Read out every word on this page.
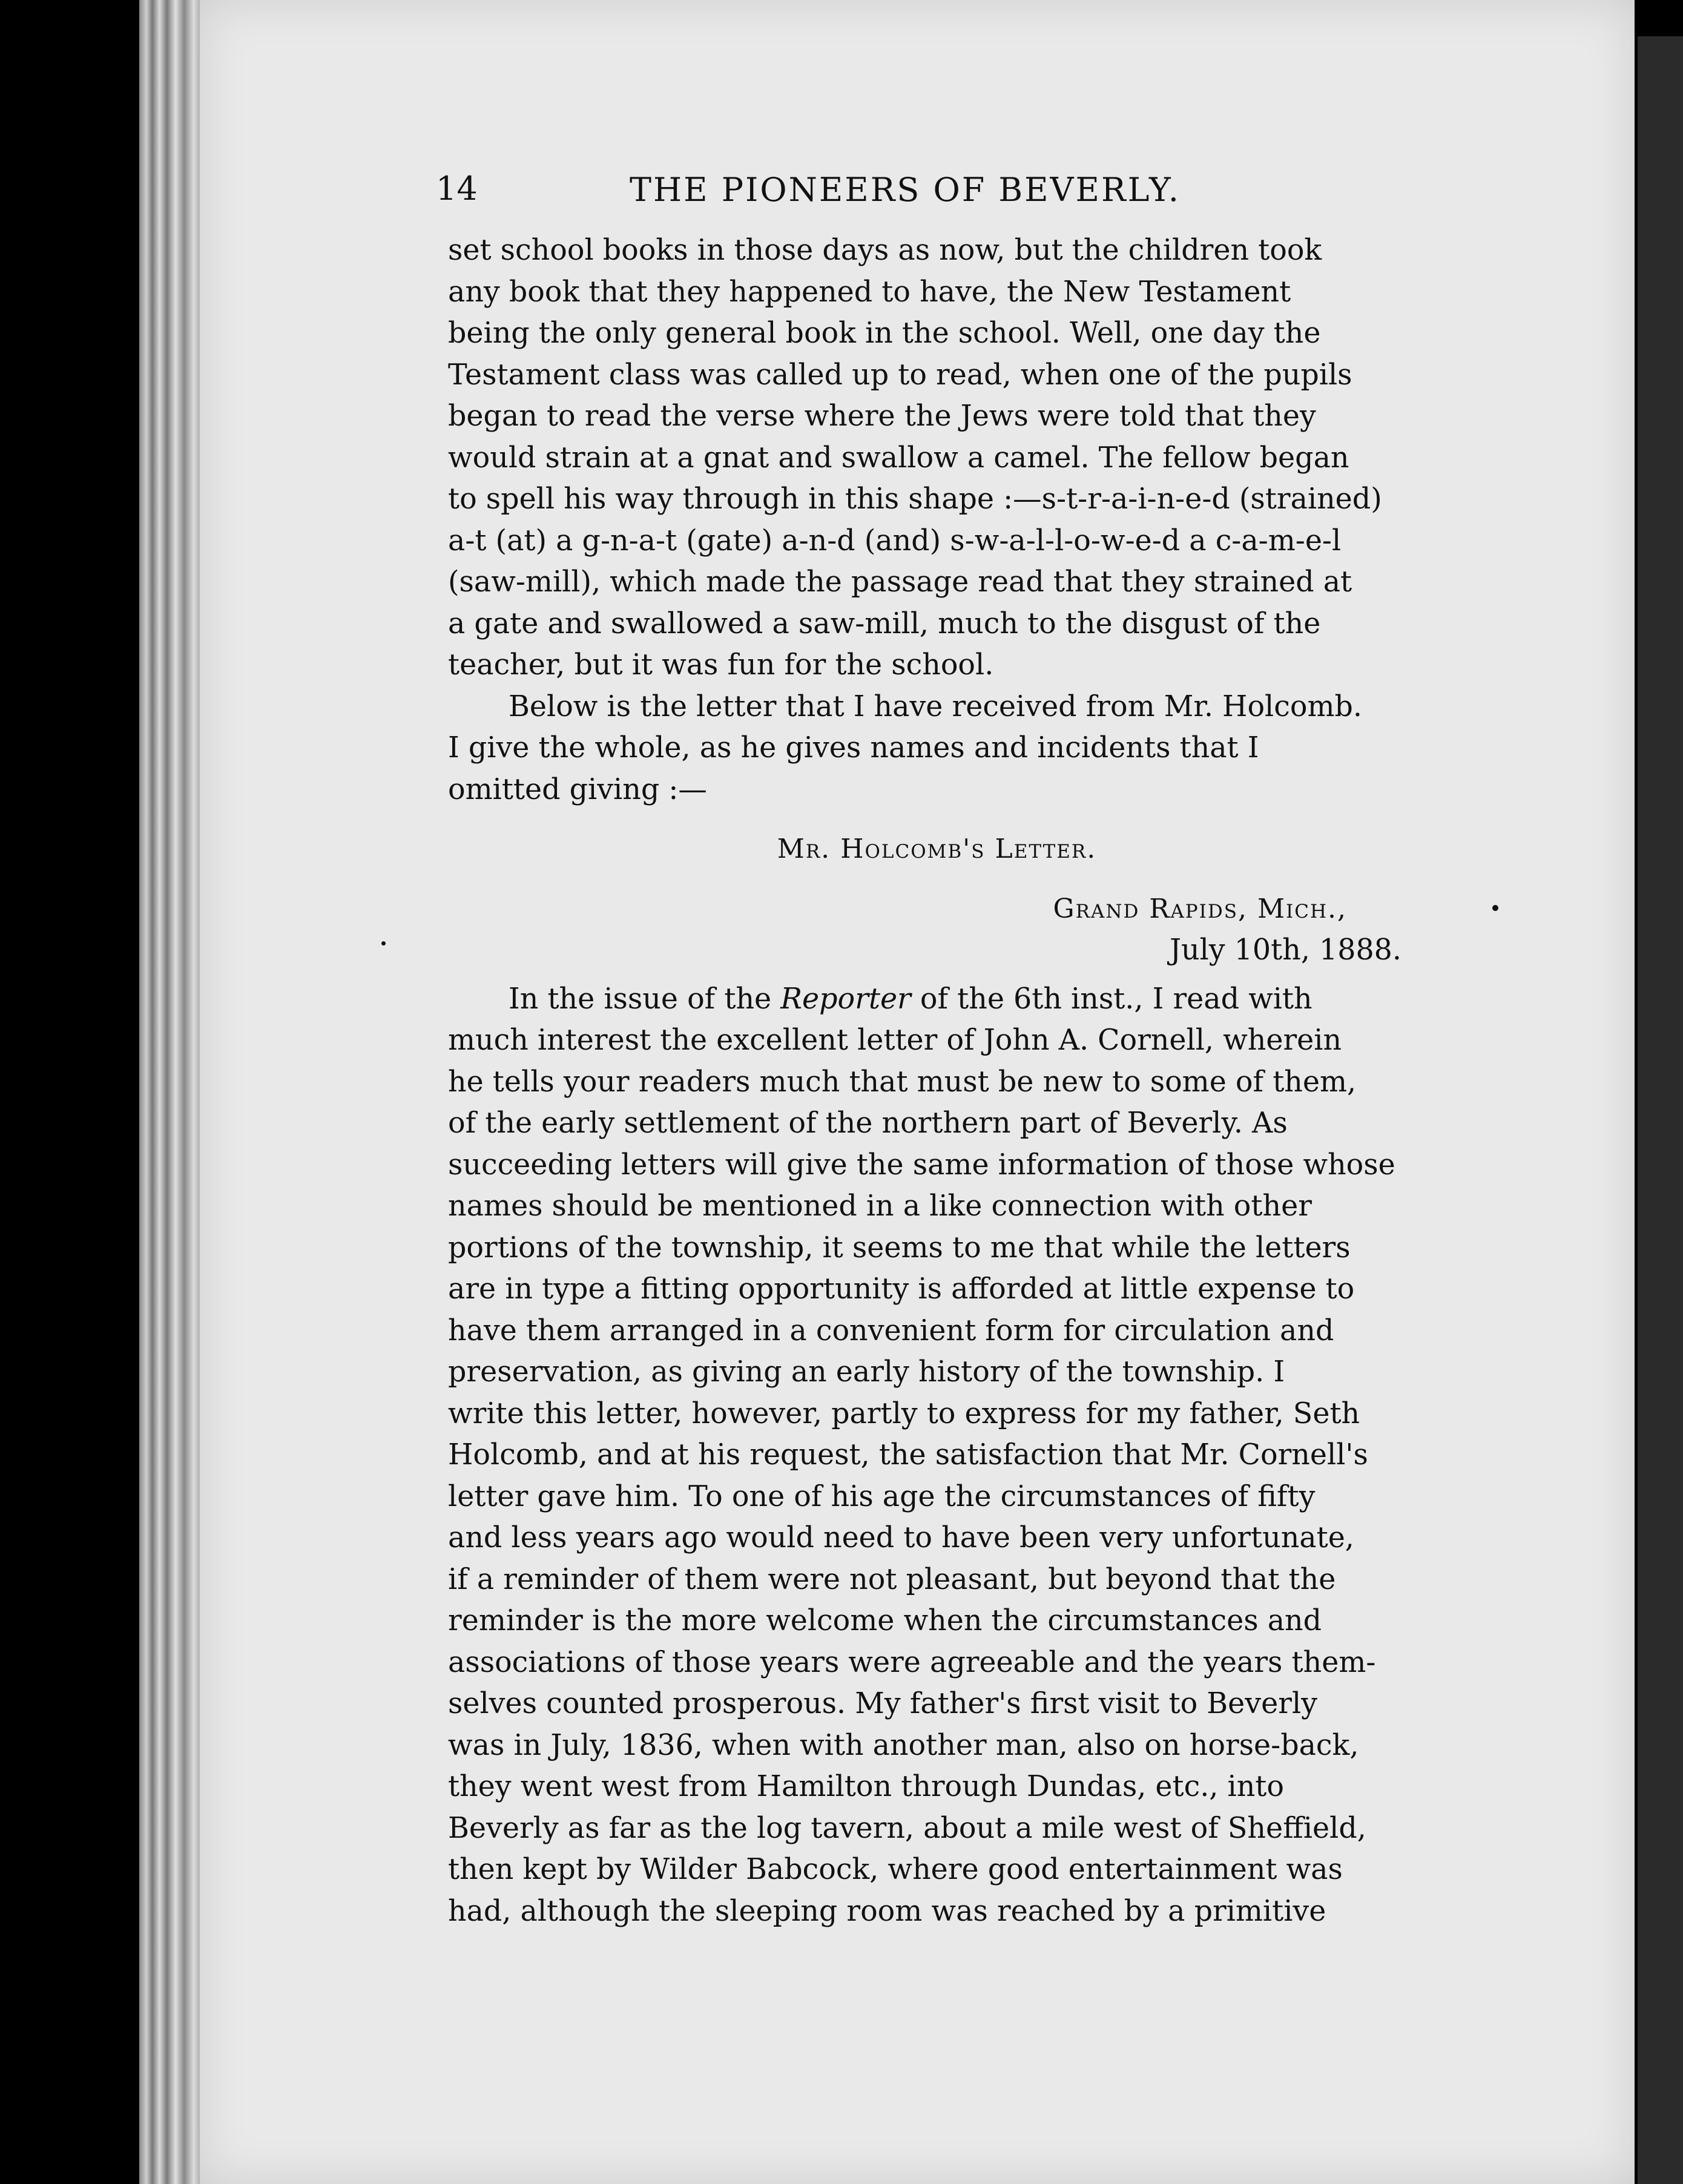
14	THE PIONEERS OF BEVERLY.

set school books in those days as now, but the children took
any book that they happened to have, the New Testament
being the only general book in the school. Well, one day the
Testament class was called up to read, when one of the pupils
began to read the verse where the Jews were told that they
would strain at a gnat and swallow a camel. The fellow began
to spell his way through in this shape :—s-t-r-a-i-n-e-d (strained)
a-t (at) a g-n-a-t (gate) a-n-d (and) s-w-a-l-l-o-w-e-d a c-a-m-e-l
(saw-mill), which made the passage read that they strained at
a gate and swallowed a saw-mill, much to the disgust of the
teacher, but it was fun for the school.

Below is the letter that I have received from Mr. Holcomb.
I give the whole, as he gives names and incidents that I
omitted giving :—

Mr. Holcomb's Letter.
Grand Rapids, Mich.,
July 10th, 1888.

In the issue of the Reporter of the 6th inst., I read with
much interest the excellent letter of John A. Cornell, wherein
he tells your readers much that must be new to some of them,
of the early settlement of the northern part of Beverly. As
succeeding letters will give the same information of those whose
names should be mentioned in a like connection with other
portions of the township, it seems to me that while the letters
are in type a fitting opportunity is afforded at little expense to
have them arranged in a convenient form for circulation and
preservation, as giving an early history of the township. I
write this letter, however, partly to express for my father, Seth
Holcomb, and at his request, the satisfaction that Mr. Cornell's
letter gave him. To one of his age the circumstances of fifty
and less years ago would need to have been very unfortunate,
if a reminder of them were not pleasant, but beyond that the
reminder is the more welcome when the circumstances and
associations of those years were agreeable and the years them-
selves counted prosperous. My father's first visit to Beverly
was in July, 1836, when with another man, also on horse-back,
they went west from Hamilton through Dundas, etc., into
Beverly as far as the log tavern, about a mile west of Sheffield,
then kept by Wilder Babcock, where good entertainment was
had, although the sleeping room was reached by a primitive
